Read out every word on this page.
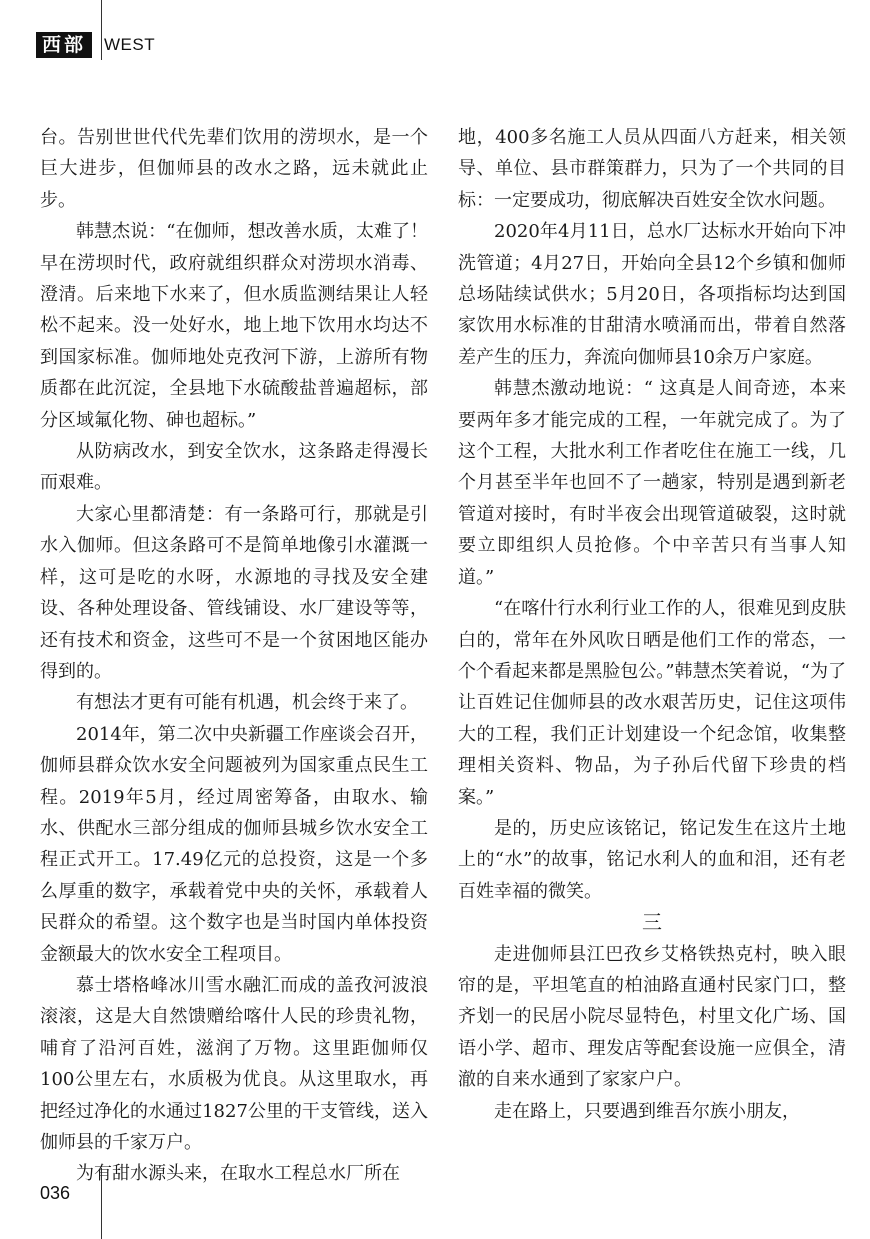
西部	WEST

台。告别世世代代先辈们饮用的涝坝水，是一个巨大进步，但伽师县的改水之路，远未就此止步。

韩慧杰说：“在伽师，想改善水质，太难了！早在涝坝时代，政府就组织群众对涝坝水消毒、澄清。后来地下水来了，但水质监测结果让人轻松不起来。没一处好水，地上地下饮用水均达不到国家标准。伽师地处克孜河下游，上游所有物质都在此沉淀，全县地下水硫酸盐普遍超标，部分区域氟化物、砷也超标。”

从防病改水，到安全饮水，这条路走得漫长而艰难。

大家心里都清楚：有一条路可行，那就是引水入伽师。但这条路可不是简单地像引水灌溉一样，这可是吃的水呀，水源地的寻找及安全建设、各种处理设备、管线铺设、水厂建设等等，还有技术和资金，这些可不是一个贫困地区能办得到的。

有想法才更有可能有机遇，机会终于来了。

2014年，第二次中央新疆工作座谈会召开，伽师县群众饮水安全问题被列为国家重点民生工程。2019年5月，经过周密筹备，由取水、输水、供配水三部分组成的伽师县城乡饮水安全工程正式开工。17.49亿元的总投资，这是一个多么厚重的数字，承载着党中央的关怀，承载着人民群众的希望。这个数字也是当时国内单体投资金额最大的饮水安全工程项目。

慕士塔格峰冰川雪水融汇而成的盖孜河波浪滚滚，这是大自然馈赠给喀什人民的珍贵礼物，哺育了沿河百姓，滋润了万物。这里距伽师仅100公里左右，水质极为优良。从这里取水，再把经过净化的水通过1827公里的干支管线，送入伽师县的千家万户。

为有甜水源头来，在取水工程总水厂所在

地，400多名施工人员从四面八方赶来，相关领导、单位、县市群策群力，只为了一个共同的目标：一定要成功，彻底解决百姓安全饮水问题。

2020年4月11日，总水厂达标水开始向下冲洗管道；4月27日，开始向全县12个乡镇和伽师总场陆续试供水；5月20日，各项指标均达到国家饮用水标准的甘甜清水喷涌而出，带着自然落差产生的压力，奔流向伽师县10余万户家庭。

韩慧杰激动地说：“ 这真是人间奇迹，本来要两年多才能完成的工程，一年就完成了。为了这个工程，大批水利工作者吃住在施工一线，几个月甚至半年也回不了一趟家，特别是遇到新老管道对接时，有时半夜会出现管道破裂，这时就要立即组织人员抢修。个中辛苦只有当事人知道。”

“在喀什行水利行业工作的人，很难见到皮肤白的，常年在外风吹日晒是他们工作的常态，一个个看起来都是黑脸包公。”韩慧杰笑着说，“为了让百姓记住伽师县的改水艰苦历史，记住这项伟大的工程，我们正计划建设一个纪念馆，收集整理相关资料、物品，为子孙后代留下珍贵的档案。”

是的，历史应该铭记，铭记发生在这片土地上的“水”的故事，铭记水利人的血和泪，还有老百姓幸福的微笑。

三

走进伽师县江巴孜乡艾格铁热克村，映入眼帘的是，平坦笔直的柏油路直通村民家门口，整齐划一的民居小院尽显特色，村里文化广场、国语小学、超市、理发店等配套设施一应俱全，清澈的自来水通到了家家户户。

走在路上，只要遇到维吾尔族小朋友，

036
